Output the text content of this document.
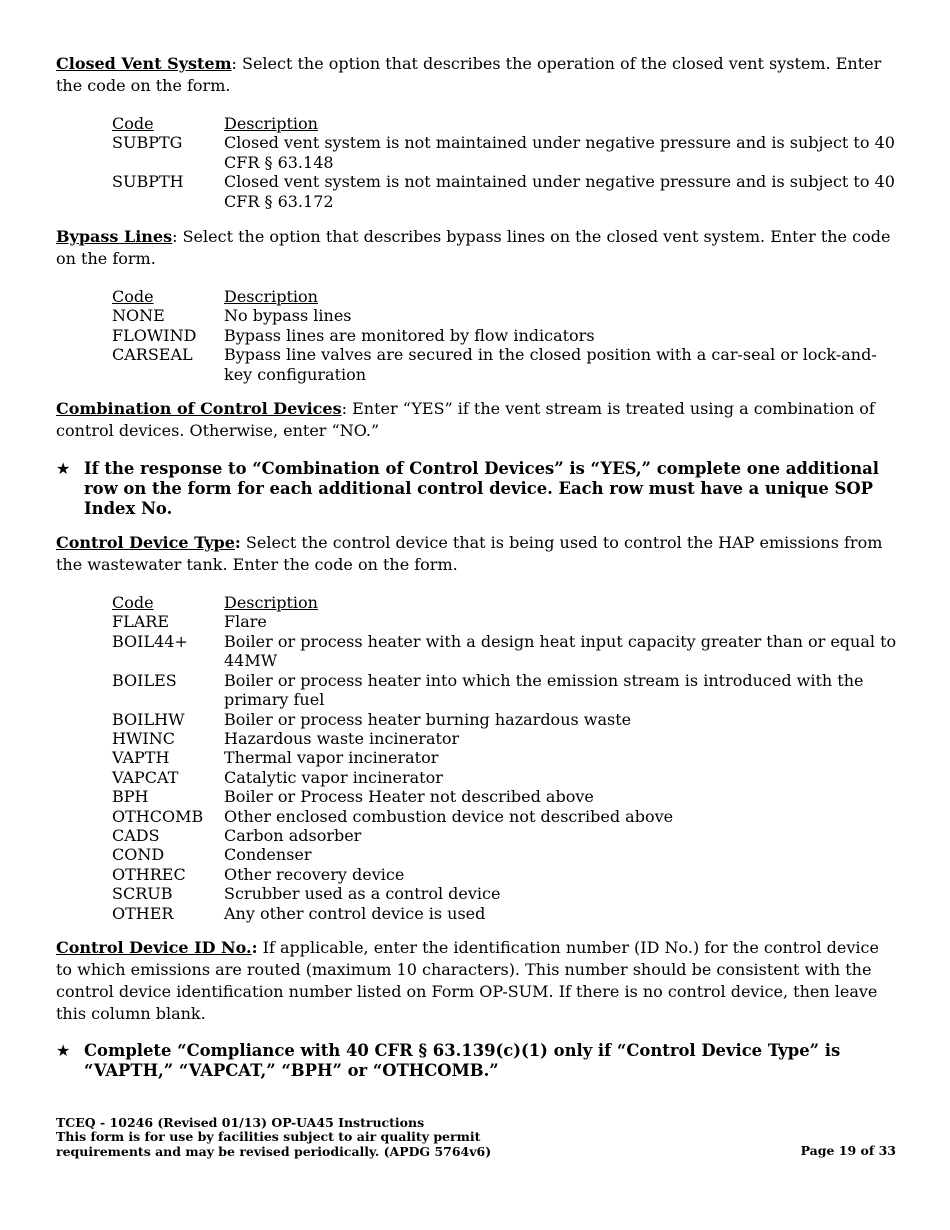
Closed Vent System: Select the option that describes the operation of the closed vent system. Enter the code on the form.

Code	Description
SUBPTG	Closed vent system is not maintained under negative pressure and is subject to 40 CFR § 63.148
SUBPTH	Closed vent system is not maintained under negative pressure and is subject to 40 CFR § 63.172

Bypass Lines: Select the option that describes bypass lines on the closed vent system. Enter the code on the form.

Code	Description
NONE	No bypass lines
FLOWIND	Bypass lines are monitored by flow indicators
CARSEAL	Bypass line valves are secured in the closed position with a car-seal or lock-and-key configuration

Combination of Control Devices: Enter “YES” if the vent stream is treated using a combination of control devices. Otherwise, enter “NO.”

★ If the response to “Combination of Control Devices” is “YES,” complete one additional row on the form for each additional control device. Each row must have a unique SOP Index No.

Control Device Type: Select the control device that is being used to control the HAP emissions from the wastewater tank. Enter the code on the form.

Code	Description
FLARE	Flare
BOIL44+	Boiler or process heater with a design heat input capacity greater than or equal to 44MW
BOILES	Boiler or process heater into which the emission stream is introduced with the primary fuel
BOILHW	Boiler or process heater burning hazardous waste
HWINC	Hazardous waste incinerator
VAPTH	Thermal vapor incinerator
VAPCAT	Catalytic vapor incinerator
BPH	Boiler or Process Heater not described above
OTHCOMB	Other enclosed combustion device not described above
CADS	Carbon adsorber
COND	Condenser
OTHREC	Other recovery device
SCRUB	Scrubber used as a control device
OTHER	Any other control device is used

Control Device ID No.: If applicable, enter the identification number (ID No.) for the control device to which emissions are routed (maximum 10 characters). This number should be consistent with the control device identification number listed on Form OP-SUM. If there is no control device, then leave this column blank.

★ Complete “Compliance with 40 CFR § 63.139(c)(1) only if “Control Device Type” is “VAPTH,” “VAPCAT,” “BPH” or “OTHCOMB.”
TCEQ - 10246 (Revised 01/13) OP-UA45 Instructions
This form is for use by facilities subject to air quality permit
requirements and may be revised periodically. (APDG 5764v6)	Page 19 of 33
